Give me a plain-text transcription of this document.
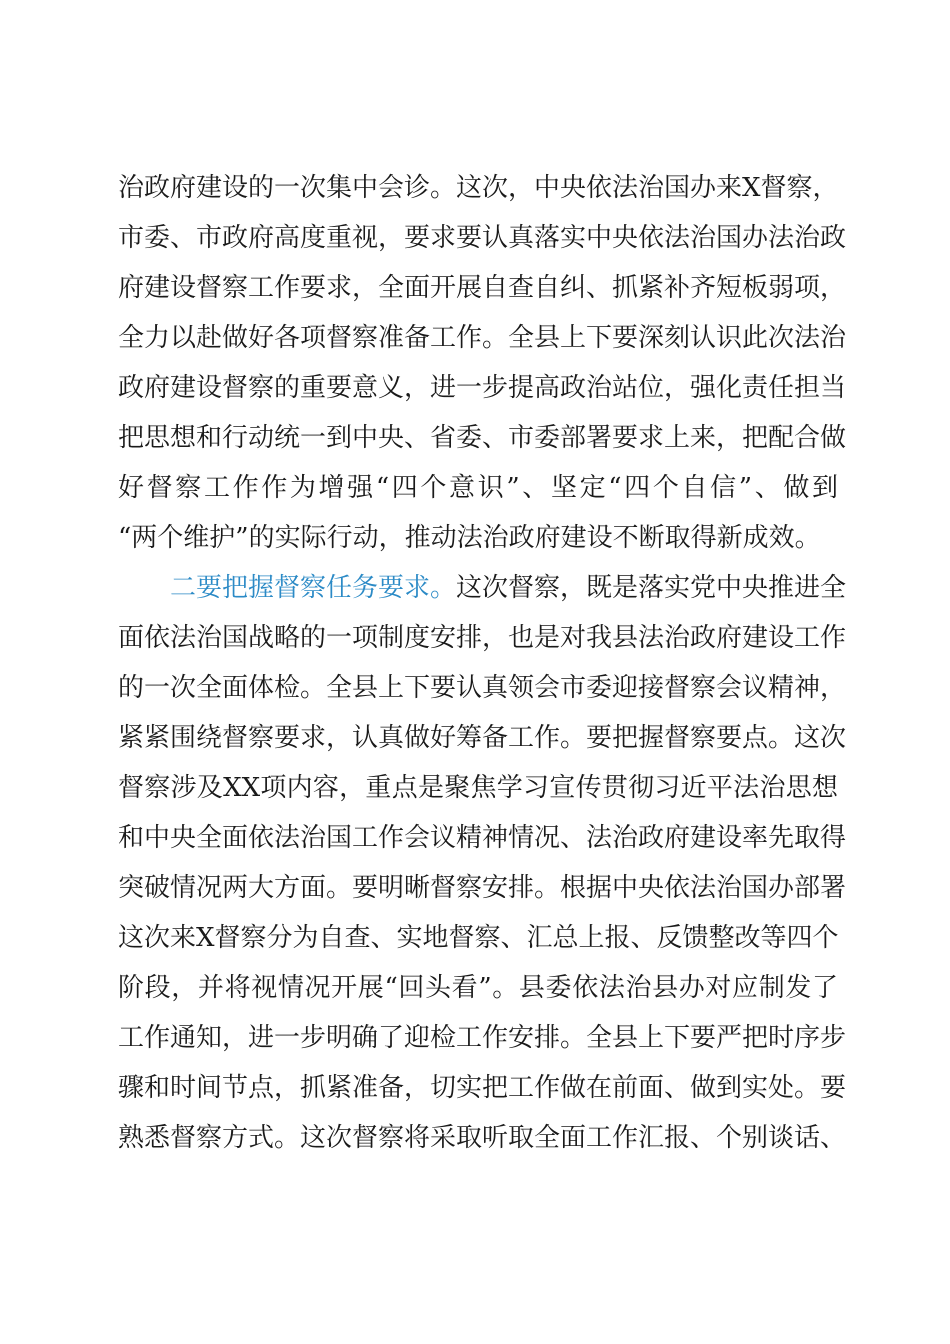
治政府建设的一次集中会诊。这次，中央依法治国办来X督察，
市委、市政府高度重视，要求要认真落实中央依法治国办法治政
府建设督察工作要求，全面开展自查自纠、抓紧补齐短板弱项，
全力以赴做好各项督察准备工作。全县上下要深刻认识此次法治
政府建设督察的重要意义，进一步提高政治站位，强化责任担当
把思想和行动统一到中央、省委、市委部署要求上来，把配合做
好督察工作作为增强“四个意识”、坚定“四个自信”、做到
“两个维护”的实际行动，推动法治政府建设不断取得新成效。
二要把握督察任务要求。这次督察，既是落实党中央推进全
面依法治国战略的一项制度安排，也是对我县法治政府建设工作
的一次全面体检。全县上下要认真领会市委迎接督察会议精神，
紧紧围绕督察要求，认真做好筹备工作。要把握督察要点。这次
督察涉及XX项内容，重点是聚焦学习宣传贯彻习近平法治思想
和中央全面依法治国工作会议精神情况、法治政府建设率先取得
突破情况两大方面。要明晰督察安排。根据中央依法治国办部署
这次来X督察分为自查、实地督察、汇总上报、反馈整改等四个
阶段，并将视情况开展“回头看”。县委依法治县办对应制发了
工作通知，进一步明确了迎检工作安排。全县上下要严把时序步
骤和时间节点，抓紧准备，切实把工作做在前面、做到实处。要
熟悉督察方式。这次督察将采取听取全面工作汇报、个别谈话、
